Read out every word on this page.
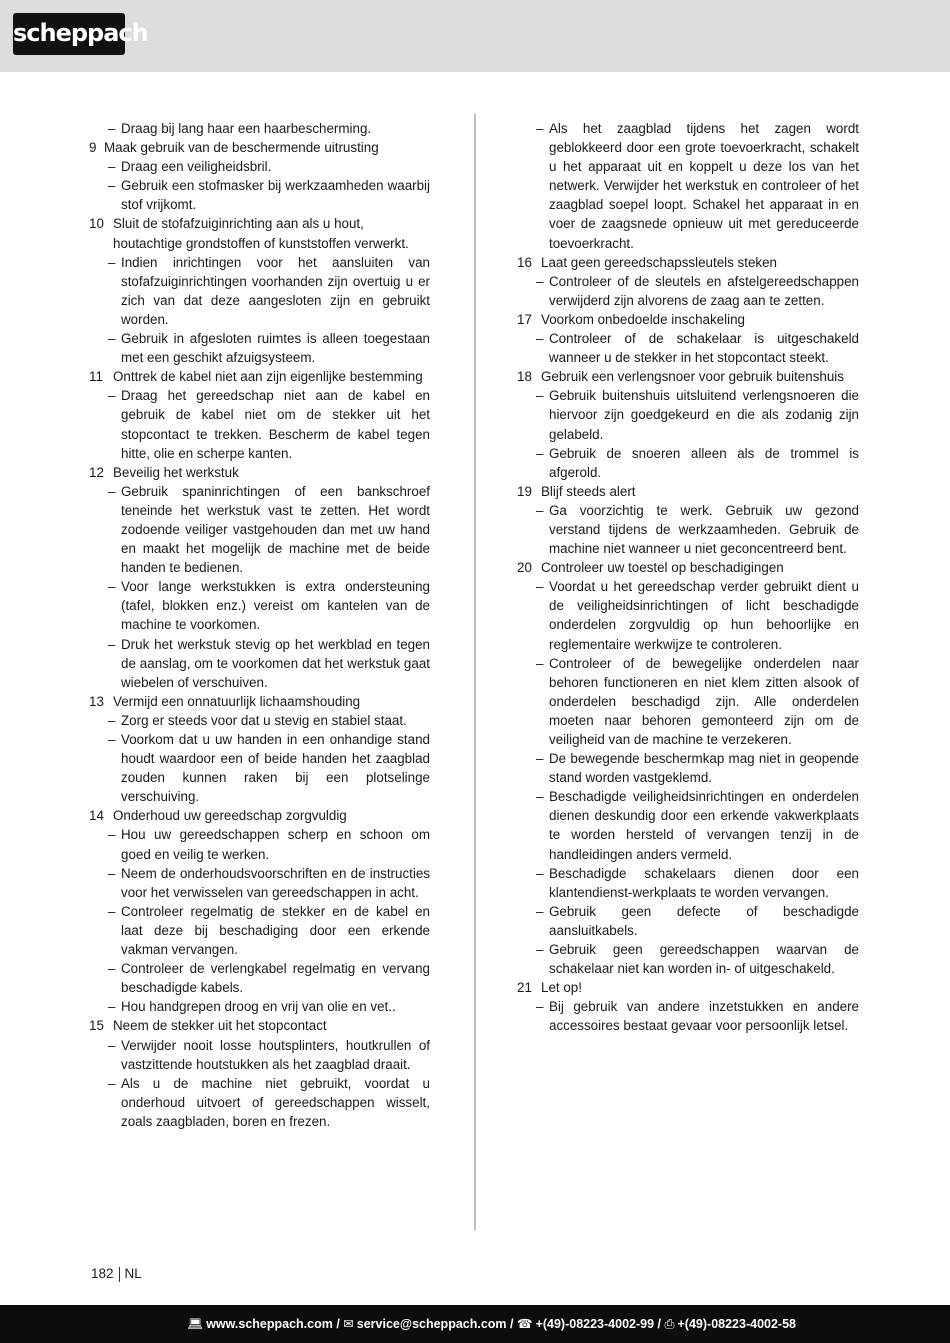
scheppach
– Draag bij lang haar een haarbescherming.
9 Maak gebruik van de beschermende uitrusting
– Draag een veiligheidsbril.
– Gebruik een stofmasker bij werkzaamheden waarbij stof vrijkomt.
10 Sluit de stofafzuiginrichting aan als u hout, houtachtige grondstoffen of kunststoffen verwerkt.
– Indien inrichtingen voor het aansluiten van stofafzuiginrichtingen voorhanden zijn overtuig u er zich van dat deze aangesloten zijn en gebruikt worden.
– Gebruik in afgesloten ruimtes is alleen toegestaan met een geschikt afzuigsysteem.
11 Onttrek de kabel niet aan zijn eigenlijke bestemming
– Draag het gereedschap niet aan de kabel en gebruik de kabel niet om de stekker uit het stopcontact te trekken. Bescherm de kabel tegen hitte, olie en scherpe kanten.
12 Beveilig het werkstuk
– Gebruik spaninrichtingen of een bankschroef teneinde het werkstuk vast te zetten. Het wordt zodoende veiliger vastgehouden dan met uw hand en maakt het mogelijk de machine met de beide handen te bedienen.
– Voor lange werkstukken is extra ondersteuning (tafel, blokken enz.) vereist om kantelen van de machine te voorkomen.
– Druk het werkstuk stevig op het werkblad en tegen de aanslag, om te voorkomen dat het werkstuk gaat wiebelen of verschuiven.
13 Vermijd een onnatuurlijk lichaamshouding
– Zorg er steeds voor dat u stevig en stabiel staat.
– Voorkom dat u uw handen in een onhandige stand houdt waardoor een of beide handen het zaagblad zouden kunnen raken bij een plotselinge verschuiving.
14 Onderhoud uw gereedschap zorgvuldig
– Hou uw gereedschappen scherp en schoon om goed en veilig te werken.
– Neem de onderhoudsvoorschriften en de instructies voor het verwisselen van gereedschappen in acht.
– Controleer regelmatig de stekker en de kabel en laat deze bij beschadiging door een erkende vakman vervangen.
– Controleer de verlengkabel regelmatig en vervang beschadigde kabels.
– Hou handgrepen droog en vrij van olie en vet..
15 Neem de stekker uit het stopcontact
– Verwijder nooit losse houtsplinters, houtkrullen of vastzittende houtstukken als het zaagblad draait.
– Als u de machine niet gebruikt, voordat u onderhoud uitvoert of gereedschappen wisselt, zoals zaagbladen, boren en frezen.
– Als het zaagblad tijdens het zagen wordt geblokkeerd door een grote toevoerkracht, schakelt u het apparaat uit en koppelt u deze los van het netwerk. Verwijder het werkstuk en controleer of het zaagblad soepel loopt. Schakel het apparaat in en voer de zaagsnede opnieuw uit met gereduceerde toevoerkracht.
16 Laat geen gereedschapssleutels steken
– Controleer of de sleutels en afstelgereedschappen verwijderd zijn alvorens de zaag aan te zetten.
17 Voorkom onbedoelde inschakeling
– Controleer of de schakelaar is uitgeschakeld wanneer u de stekker in het stopcontact steekt.
18 Gebruik een verlengsnoer voor gebruik buitenshuis
– Gebruik buitenshuis uitsluitend verlengsnoeren die hiervoor zijn goedgekeurd en die als zodanig zijn gelabeld.
– Gebruik de snoeren alleen als de trommel is afgerold.
19 Blijf steeds alert
– Ga voorzichtig te werk. Gebruik uw gezond verstand tijdens de werkzaamheden. Gebruik de machine niet wanneer u niet geconcentreerd bent.
20 Controleer uw toestel op beschadigingen
– Voordat u het gereedschap verder gebruikt dient u de veiligheidsinrichtingen of licht beschadigde onderdelen zorgvuldig op hun behoorlijke en reglementaire werkwijze te controleren.
– Controleer of de bewegelijke onderdelen naar behoren functioneren en niet klem zitten alsook of onderdelen beschadigd zijn. Alle onderdelen moeten naar behoren gemonteerd zijn om de veiligheid van de machine te verzekeren.
– De bewegende beschermkap mag niet in geopende stand worden vastgeklemd.
– Beschadigde veiligheidsinrichtingen en onderdelen dienen deskundig door een erkende vakwerkplaats te worden hersteld of vervangen tenzij in de handleidingen anders vermeld.
– Beschadigde schakelaars dienen door een klantendienst-werkplaats te worden vervangen.
– Gebruik geen defecte of beschadigde aansluitkabels.
– Gebruik geen gereedschappen waarvan de schakelaar niet kan worden in- of uitgeschakeld.
21 Let op!
– Bij gebruik van andere inzetstukken en andere accessoires bestaat gevaar voor persoonlijk letsel.
182 NL
💻︎ www.scheppach.com / ✉ service@scheppach.com / ☎ +(49)-08223-4002-99 / ⎙ +(49)-08223-4002-58
